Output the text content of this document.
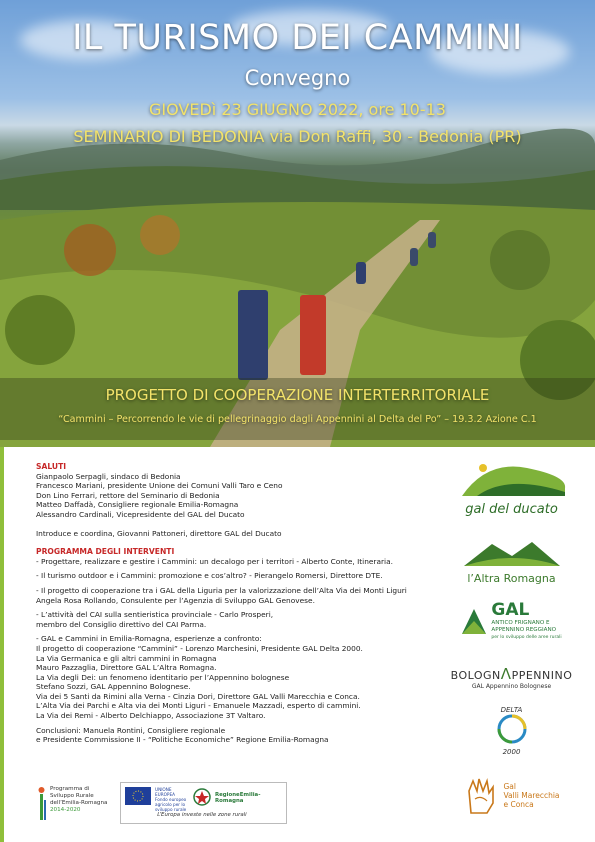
IL TURISMO DEI CAMMINI
Convegno
GIOVEDì 23 GIUGNO 2022, ore 10-13
SEMINARIO DI BEDONIA via Don Raffi, 30 - Bedonia (PR)
PROGETTO DI COOPERAZIONE INTERTERRITORIALE
“Cammini – Percorrendo le vie di pellegrinaggio dagli Appennini al Delta del Po” – 19.3.2 Azione C.1
SALUTI
Gianpaolo Serpagli, sindaco di Bedonia
Francesco Mariani, presidente Unione dei Comuni Valli Taro e Ceno
Don Lino Ferrari, rettore del Seminario di Bedonia
Matteo Daffadà, Consigliere regionale Emilia-Romagna
Alessandro Cardinali, Vicepresidente del GAL del Ducato
Introduce e coordina, Giovanni Pattoneri, direttore GAL del Ducato
PROGRAMMA DEGLI INTERVENTI
- Progettare, realizzare e gestire i Cammini: un decalogo per i territori - Alberto Conte, Itineraria.
- Il turismo outdoor e i Cammini: promozione e cos’altro? - Pierangelo Romersi, Direttore DTE.
- Il progetto di cooperazione tra i GAL della Liguria per la valorizzazione dell’Alta Via dei Monti Liguri
Angela Rosa Rollando, Consulente per l’Agenzia di Sviluppo GAL Genovese.
- L’attività del CAI sulla sentieristica provinciale - Carlo Prosperi,
membro del Consiglio direttivo del CAI Parma.
- GAL e Cammini in Emilia-Romagna, esperienze a confronto:
Il progetto di cooperazione “Cammini” - Lorenzo Marchesini, Presidente GAL Delta 2000.
La Via Germanica e gli altri cammini in Romagna
Mauro Pazzaglia, Direttore GAL L’Altra Romagna.
La Via degli Dei: un fenomeno identitario per l’Appennino bolognese
Stefano Sozzi, GAL Appennino Bolognese.
Via dei 5 Santi da Rimini alla Verna - Cinzia Dori, Direttore GAL Valli Marecchia e Conca.
L’Alta Via dei Parchi e Alta via dei Monti Liguri - Emanuele Mazzadi, esperto di cammini.
La Via dei Remi - Alberto Delchiappo, Associazione 3T Valtaro.
Conclusioni: Manuela Rontini, Consigliere regionale
e Presidente Commissione II - “Politiche Economiche” Regione Emilia-Romagna
gal del ducato
l’Altra Romagna
GAL
ANTICO FRIGNANO E
APPENNINO REGGIANO
per lo sviluppo delle aree rurali
BOLOGNΛPPENNINO
GAL Appennino Bolognese
DELTA
2000
Gal
Valli Marecchia
e Conca
Programma di
Sviluppo Rurale
dell’Emilia-Romagna
2014-2020
UNIONE EUROPEA
Fondo europeo agricolo per lo sviluppo rurale
RegioneEmilia-Romagna
L’Europa investe nelle zone rurali
